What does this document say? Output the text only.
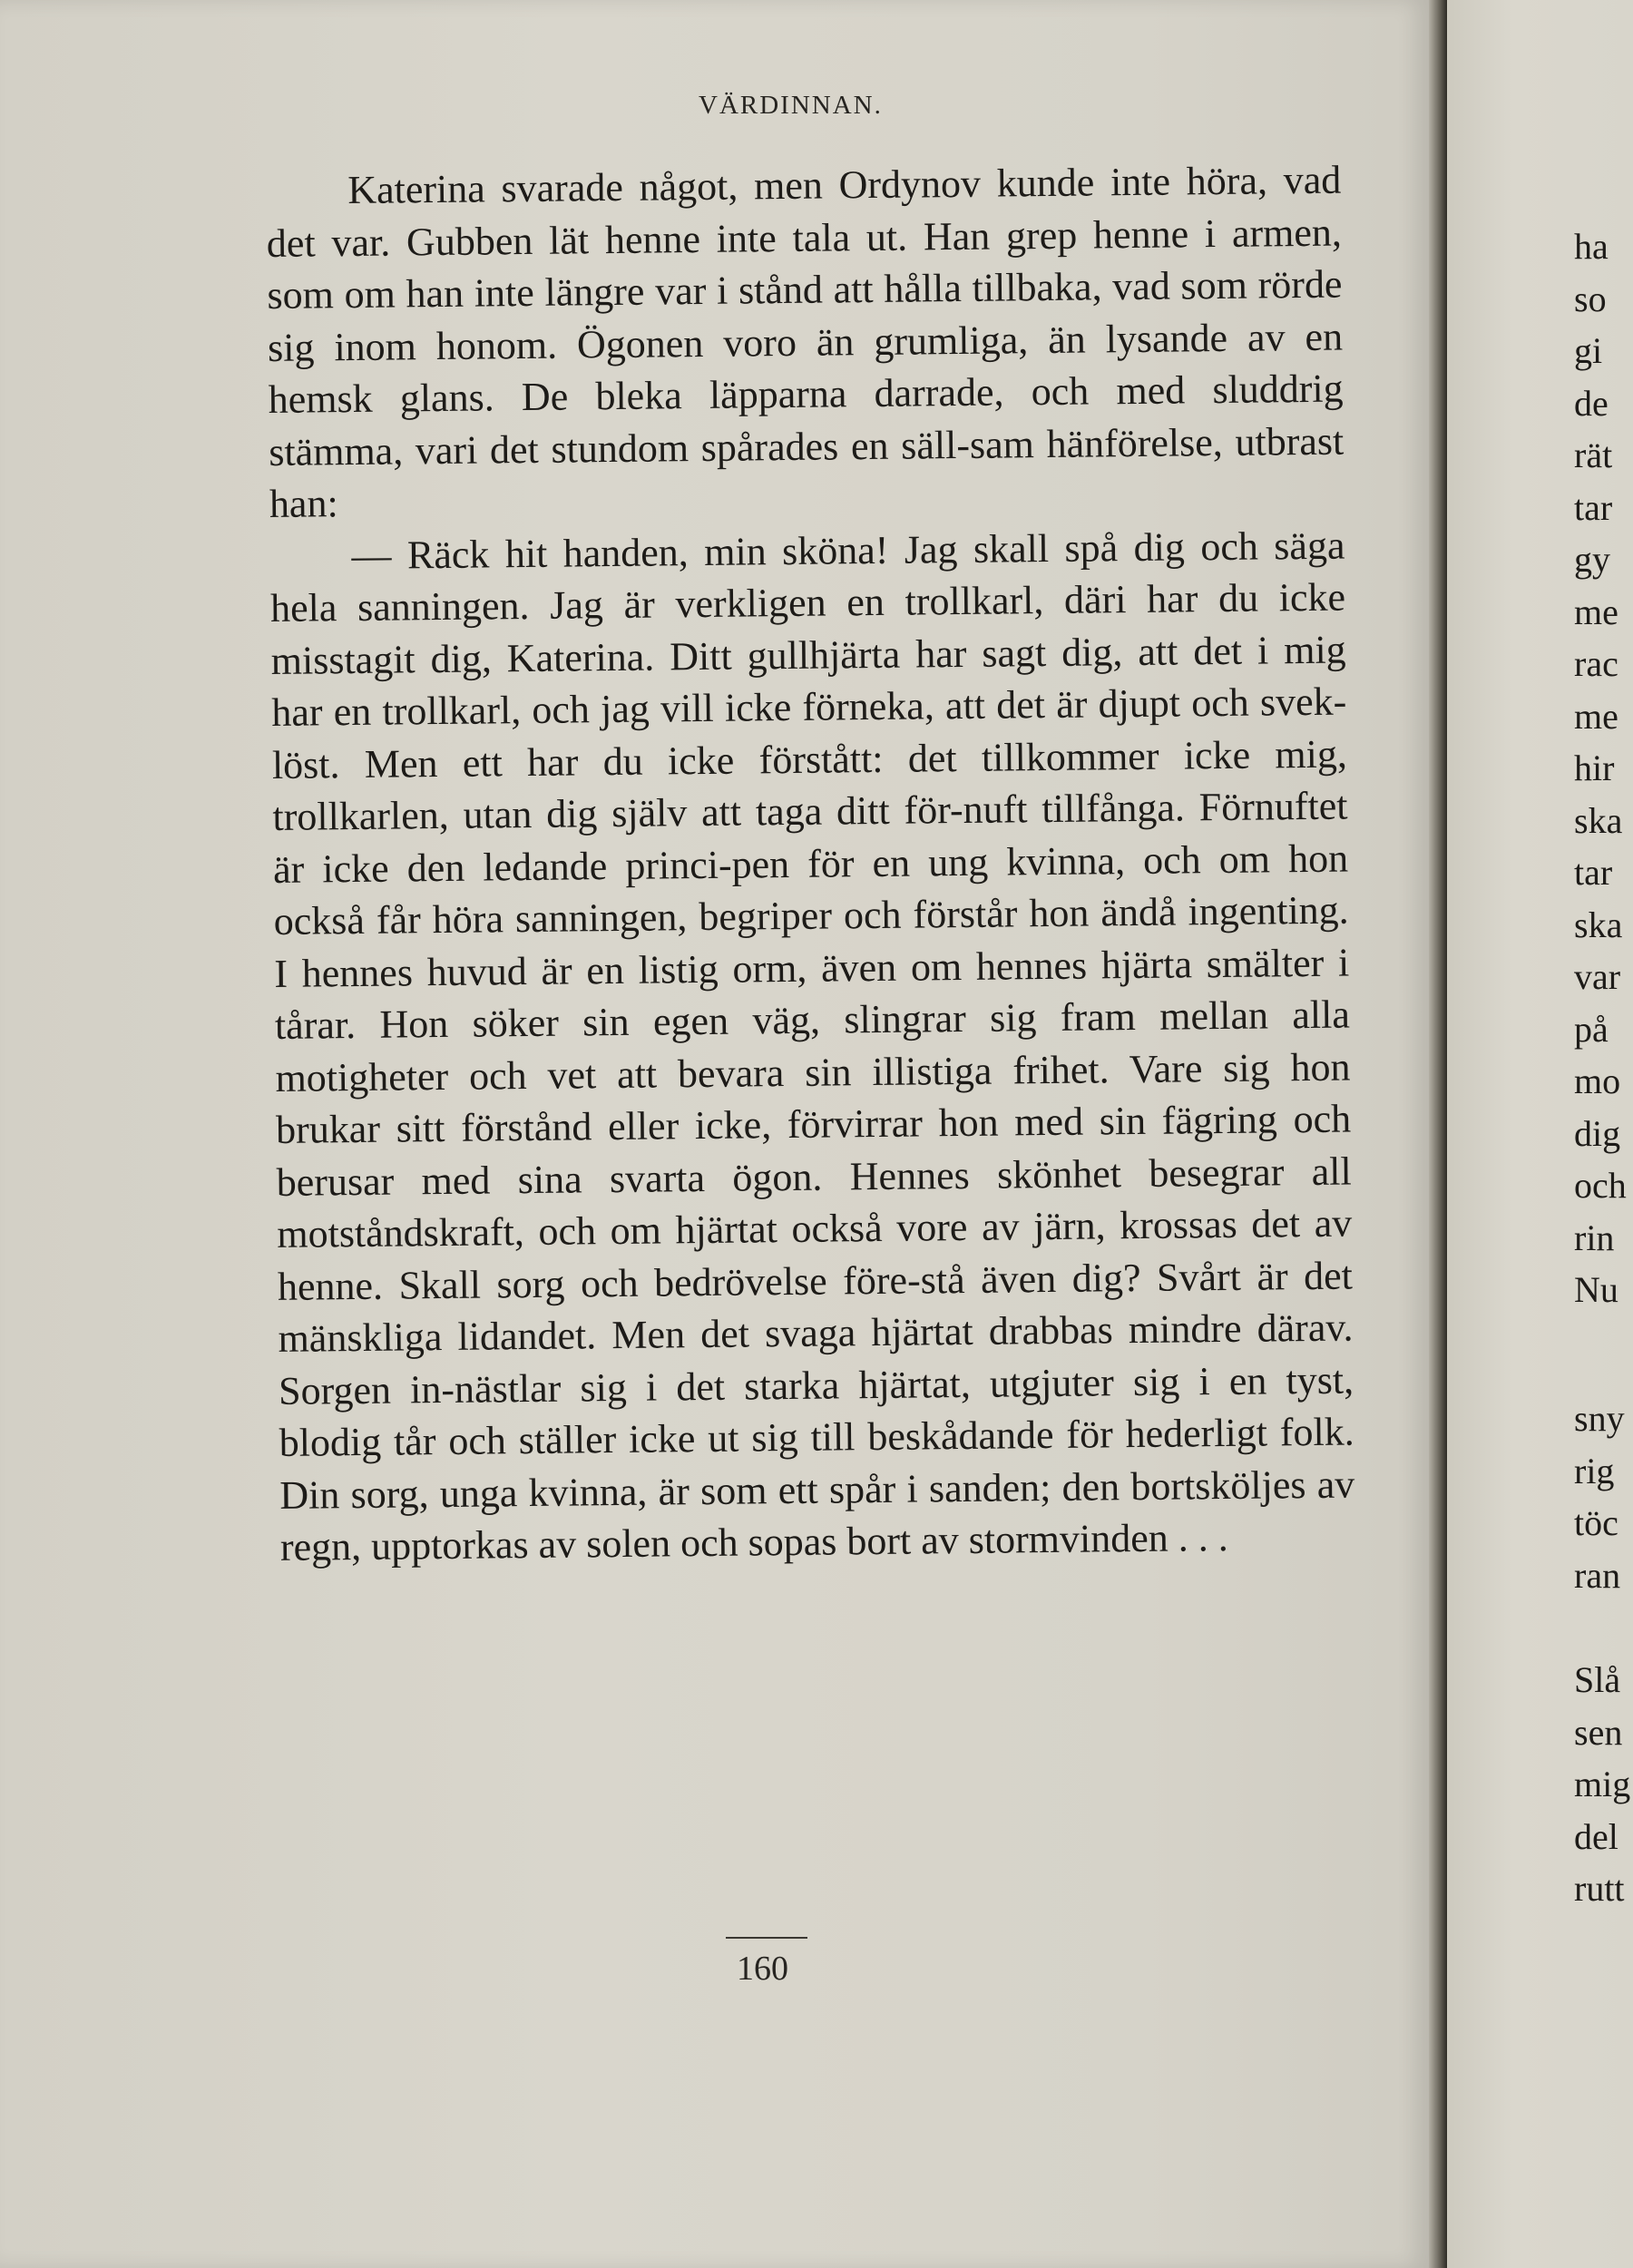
VÄRDINNAN.

Katerina svarade något, men Ordynov kunde inte höra, vad det var. Gubben lät henne inte tala ut. Han grep henne i armen, som om han inte längre var i stånd att hålla tillbaka, vad som rörde sig inom honom. Ögonen voro än grumliga, än lysande av en hemsk glans. De bleka läpparna darrade, och med sluddrig stämma, vari det stundom spårades en säll-sam hänförelse, utbrast han:

— Räck hit handen, min sköna! Jag skall spå dig och säga hela sanningen. Jag är verkligen en trollkarl, däri har du icke misstagit dig, Katerina. Ditt gullhjärta har sagt dig, att det i mig har en trollkarl, och jag vill icke förneka, att det är djupt och svek-löst. Men ett har du icke förstått: det tillkommer icke mig, trollkarlen, utan dig själv att taga ditt för-nuft tillfånga. Förnuftet är icke den ledande princi-pen för en ung kvinna, och om hon också får höra sanningen, begriper och förstår hon ändå ingenting. I hennes huvud är en listig orm, även om hennes hjärta smälter i tårar. Hon söker sin egen väg, slingrar sig fram mellan alla motigheter och vet att bevara sin illistiga frihet. Vare sig hon brukar sitt förstånd eller icke, förvirrar hon med sin fägring och berusar med sina svarta ögon. Hennes skönhet besegrar all motståndskraft, och om hjärtat också vore av järn, krossas det av henne. Skall sorg och bedrövelse före-stå även dig? Svårt är det mänskliga lidandet. Men det svaga hjärtat drabbas mindre därav. Sorgen in-nästlar sig i det starka hjärtat, utgjuter sig i en tyst, blodig tår och ställer icke ut sig till beskådande för hederligt folk. Din sorg, unga kvinna, är som ett spår i sanden; den bortsköljes av regn, upptorkas av solen och sopas bort av stormvinden . . .

160
ha
so
gi
de
rät
tar
gy
me
rac
me
hir
ska
tar
ska
var
på
mo
dig
och
rin
Nu
sny
rig
töc
ran
Slå
sen
mig
del
rutt
